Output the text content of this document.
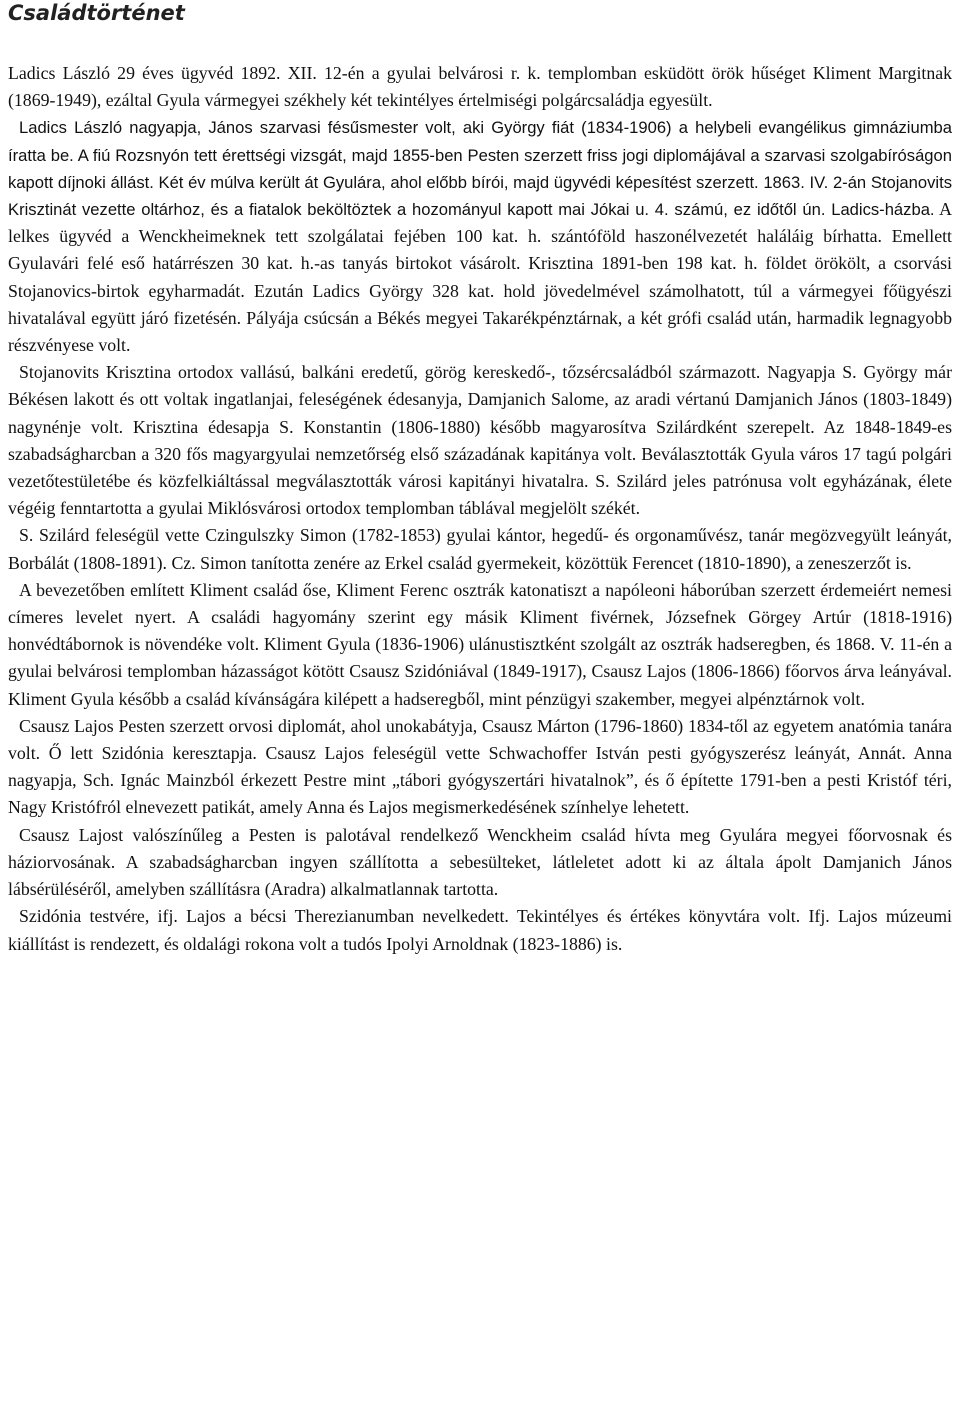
Családtörténet

Ladics László 29 éves ügyvéd 1892. XII. 12-én a gyulai belvárosi r. k. templomban esküdött örök hűséget Kliment Margitnak (1869-1949), ezáltal Gyula vármegyei székhely két tekintélyes értelmiségi polgárcsaládja egyesült.

Ladics László nagyapja, János szarvasi fésűsmester volt, aki György fiát (1834-1906) a helybeli evangélikus gimnáziumba íratta be. A fiú Rozsnyón tett érettségi vizsgát, majd 1855-ben Pesten szerzett friss jogi diplomájával a szarvasi szolgabíróságon kapott díjnoki állást. Két év múlva került át Gyulára, ahol előbb bírói, majd ügyvédi képesítést szerzett. 1863. IV. 2-án Stojanovits Krisztinát vezette oltárhoz, és a fiatalok beköltöztek a hozományul kapott mai Jókai u. 4. számú, ez időtől ún. Ladics-házba. A lelkes ügyvéd a Wenckheimeknek tett szolgálatai fejében 100 kat. h. szántóföld haszonélvezetét haláláig bírhatta. Emellett Gyulavári felé eső határrészen 30 kat. h.-as tanyás birtokot vásárolt. Krisztina 1891-ben 198 kat. h. földet örökölt, a csorvási Stojanovics-birtok egyharmadát. Ezután Ladics György 328 kat. hold jövedelmével számolhatott, túl a vármegyei főügyészi hivatalával együtt járó fizetésén. Pályája csúcsán a Békés megyei Takarékpénztárnak, a két grófi család után, harmadik legnagyobb részvényese volt.

Stojanovits Krisztina ortodox vallású, balkáni eredetű, görög kereskedő-, tőzsércsaládból származott. Nagyapja S. György már Békésen lakott és ott voltak ingatlanjai, feleségének édesanyja, Damjanich Salome, az aradi vértanú Damjanich János (1803-1849) nagynénje volt. Krisztina édesapja S. Konstantin (1806-1880) később magyarosítva Szilárdként szerepelt. Az 1848-1849-es szabadságharcban a 320 fős magyargyulai nemzetőrség első századának kapitánya volt. Beválasztották Gyula város 17 tagú polgári vezetőtestületébe és közfelkiáltással megválasztották városi kapitányi hivatalra. S. Szilárd jeles patrónusa volt egyházának, élete végéig fenntartotta a gyulai Miklósvárosi ortodox templomban táblával megjelölt székét.

S. Szilárd feleségül vette Czingulszky Simon (1782-1853) gyulai kántor, hegedű- és orgonaművész, tanár megözvegyült leányát, Borbálát (1808-1891). Cz. Simon tanította zenére az Erkel család gyermekeit, közöttük Ferencet (1810-1890), a zeneszerzőt is.

A bevezetőben említett Kliment család őse, Kliment Ferenc osztrák katonatiszt a napóleoni háborúban szerzett érdemeiért nemesi címeres levelet nyert. A családi hagyomány szerint egy másik Kliment fivérnek, Józsefnek Görgey Artúr (1818-1916) honvédtábornok is növendéke volt. Kliment Gyula (1836-1906) ulánustisztként szolgált az osztrák hadseregben, és 1868. V. 11-én a gyulai belvárosi templomban házasságot kötött Csausz Szidóniával (1849-1917), Csausz Lajos (1806-1866) főorvos árva leányával. Kliment Gyula később a család kívánságára kilépett a hadseregből, mint pénzügyi szakember, megyei alpénztárnok volt.

Csausz Lajos Pesten szerzett orvosi diplomát, ahol unokabátyja, Csausz Márton (1796-1860) 1834-től az egyetem anatómia tanára volt. Ő lett Szidónia keresztapja. Csausz Lajos feleségül vette Schwachoffer István pesti gyógyszerész leányát, Annát. Anna nagyapja, Sch. Ignác Mainzból érkezett Pestre mint „tábori gyógyszertári hivatalnok”, és ő építette 1791-ben a pesti Kristóf téri, Nagy Kristófról elnevezett patikát, amely Anna és Lajos megismerkedésének színhelye lehetett.

Csausz Lajost valószínűleg a Pesten is palotával rendelkező Wenckheim család hívta meg Gyulára megyei főorvosnak és háziorvosának. A szabadságharcban ingyen szállította a sebesülteket, látleletet adott ki az általa ápolt Damjanich János lábsérüléséről, amelyben szállításra (Aradra) alkalmatlannak tartotta.

Szidónia testvére, ifj. Lajos a bécsi Therezianumban nevelkedett. Tekintélyes és értékes könyvtára volt. Ifj. Lajos múzeumi kiállítást is rendezett, és oldalági rokona volt a tudós Ipolyi Arnoldnak (1823-1886) is.
